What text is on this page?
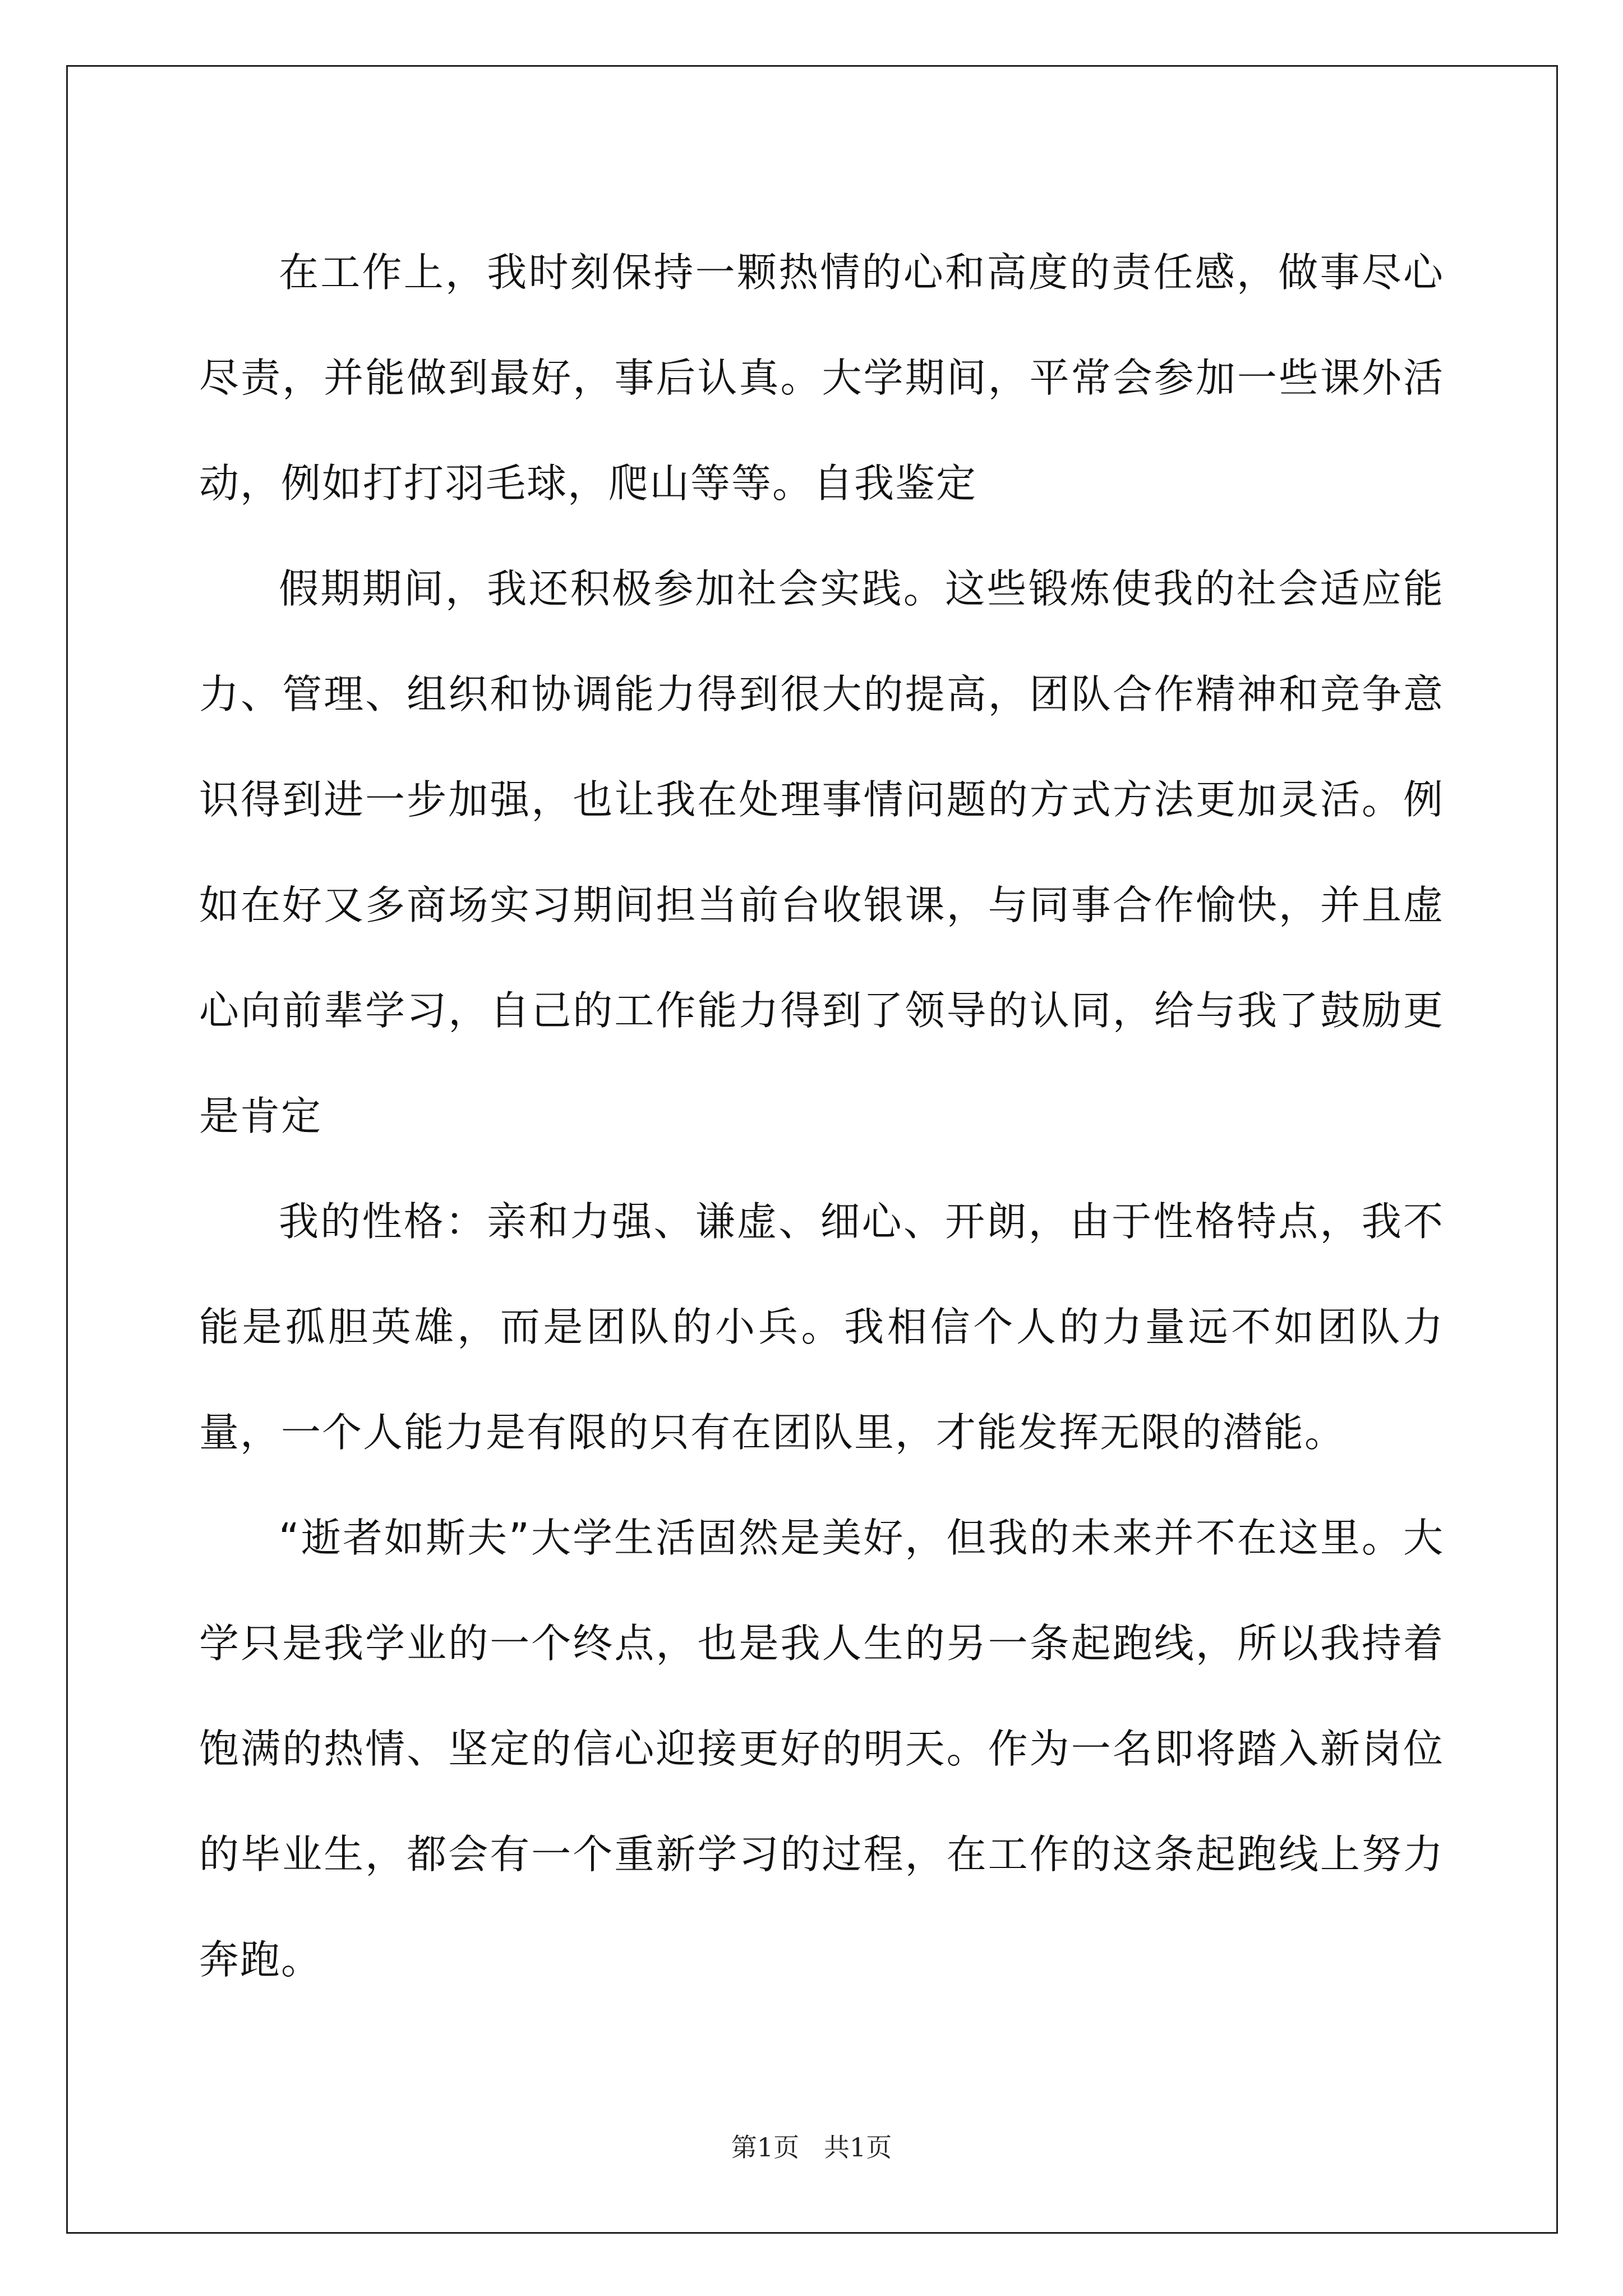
在工作上，我时刻保持一颗热情的心和高度的责任感，做事尽心尽责，并能做到最好，事后认真。大学期间，平常会参加一些课外活动，例如打打羽毛球，爬山等等。自我鉴定

假期期间，我还积极参加社会实践。这些锻炼使我的社会适应能力、管理、组织和协调能力得到很大的提高，团队合作精神和竞争意识得到进一步加强，也让我在处理事情问题的方式方法更加灵活。例如在好又多商场实习期间担当前台收银课，与同事合作愉快，并且虚心向前辈学习，自己的工作能力得到了领导的认同，给与我了鼓励更是肯定

我的性格：亲和力强、谦虚、细心、开朗，由于性格特点，我不能是孤胆英雄，而是团队的小兵。我相信个人的力量远不如团队力量，一个人能力是有限的只有在团队里，才能发挥无限的潜能。

“逝者如斯夫”大学生活固然是美好，但我的未来并不在这里。大学只是我学业的一个终点，也是我人生的另一条起跑线，所以我持着饱满的热情、坚定的信心迎接更好的明天。作为一名即将踏入新岗位的毕业生，都会有一个重新学习的过程，在工作的这条起跑线上努力奔跑。

第1页   共1页
